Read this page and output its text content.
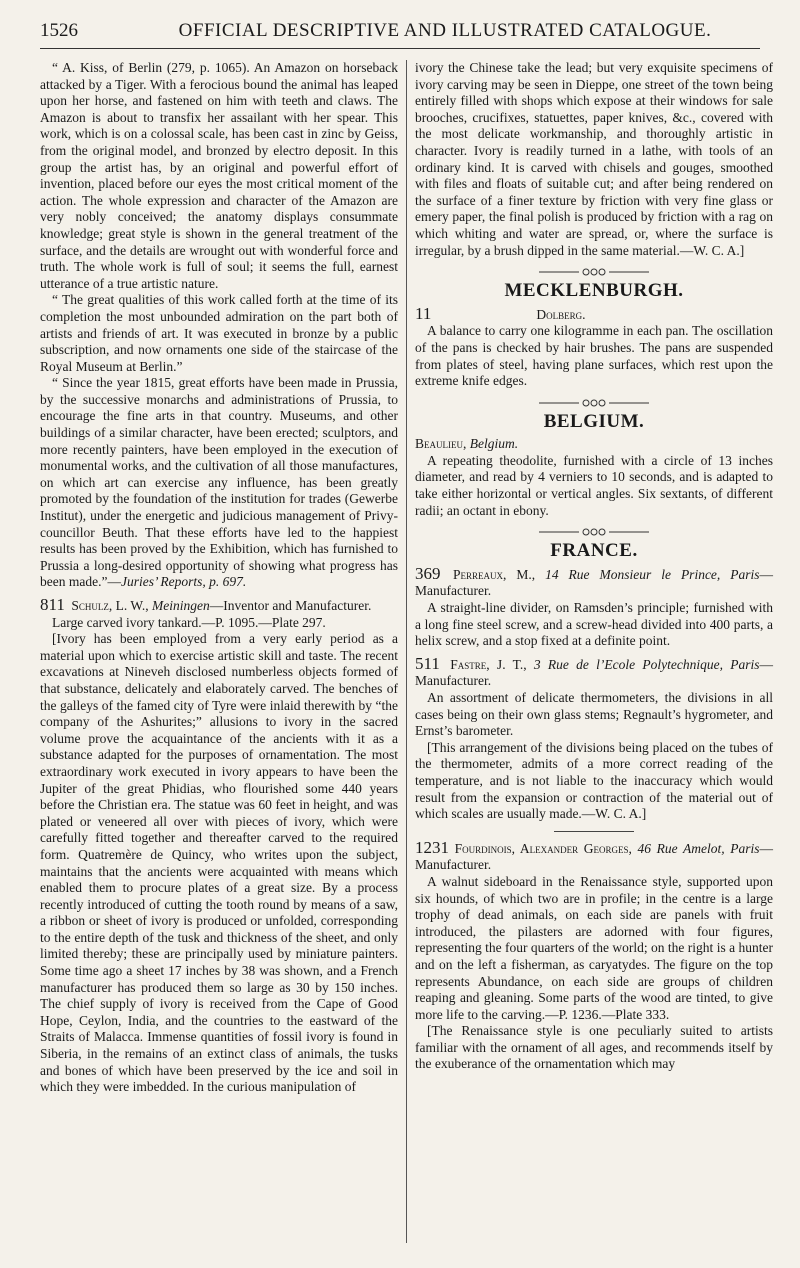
1526	OFFICIAL DESCRIPTIVE AND ILLUSTRATED CATALOGUE.

“ A. Kiss, of Berlin (279, p. 1065). An Amazon on horseback attacked by a Tiger. With a ferocious bound the animal has leaped upon her horse, and fastened on him with teeth and claws. The Amazon is about to transfix her assailant with her spear. This work, which is on a colossal scale, has been cast in zinc by Geiss, from the original model, and bronzed by electro deposit. In this group the artist has, by an original and powerful effort of invention, placed before our eyes the most critical moment of the action. The whole expression and character of the Amazon are very nobly conceived; the anatomy displays consummate knowledge; great style is shown in the general treatment of the surface, and the details are wrought out with wonderful force and truth. The whole work is full of soul; it seems the full, earnest utterance of a true artistic nature.

“ The great qualities of this work called forth at the time of its completion the most unbounded admiration on the part both of artists and friends of art. It was executed in bronze by a public subscription, and now ornaments one side of the staircase of the Royal Museum at Berlin.”

“ Since the year 1815, great efforts have been made in Prussia, by the successive monarchs and administrations of Prussia, to encourage the fine arts in that country. Museums, and other buildings of a similar character, have been erected; sculptors, and more recently painters, have been employed in the execution of monumental works, and the cultivation of all those manufactures, on which art can exercise any influence, has been greatly promoted by the foundation of the institution for trades (Gewerbe Institut), under the energetic and judicious management of Privy-councillor Beuth. That these efforts have led to the happiest results has been proved by the Exhibition, which has furnished to Prussia a long-desired opportunity of showing what progress has been made.”—Juries’ Reports, p. 697.

811 Schulz, L. W., Meiningen—Inventor and Manufacturer.

Large carved ivory tankard.—P. 1095.—Plate 297.

[Ivory has been employed from a very early period as a material upon which to exercise artistic skill and taste. The recent excavations at Nineveh disclosed numberless objects formed of that substance, delicately and elaborately carved. The benches of the galleys of the famed city of Tyre were inlaid therewith by “the company of the Ashurites;” allusions to ivory in the sacred volume prove the acquaintance of the ancients with it as a substance adapted for the purposes of ornamentation. The most extraordinary work executed in ivory appears to have been the Jupiter of the great Phidias, who flourished some 440 years before the Christian era. The statue was 60 feet in height, and was plated or veneered all over with pieces of ivory, which were carefully fitted together and thereafter carved to the required form. Quatremère de Quincy, who writes upon the subject, maintains that the ancients were acquainted with means which enabled them to procure plates of a great size. By a process recently introduced of cutting the tooth round by means of a saw, a ribbon or sheet of ivory is produced or unfolded, corresponding to the entire depth of the tusk and thickness of the sheet, and only limited thereby; these are principally used by miniature painters. Some time ago a sheet 17 inches by 38 was shown, and a French manufacturer has produced them so large as 30 by 150 inches. The chief supply of ivory is received from the Cape of Good Hope, Ceylon, India, and the countries to the eastward of the Straits of Malacca. Immense quantities of fossil ivory is found in Siberia, in the remains of an extinct class of animals, the tusks and bones of which have been preserved by the ice and soil in which they were imbedded. In the curious manipulation of

ivory the Chinese take the lead; but very exquisite specimens of ivory carving may be seen in Dieppe, one street of the town being entirely filled with shops which expose at their windows for sale brooches, crucifixes, statuettes, paper knives, &c., covered with the most delicate workmanship, and thoroughly artistic in character. Ivory is readily turned in a lathe, with tools of an ordinary kind. It is carved with chisels and gouges, smoothed with files and floats of suitable cut; and after being rendered on the surface of a finer texture by friction with very fine glass or emery paper, the final polish is produced by friction with a rag on which whiting and water are spread, or, where the surface is irregular, by a brush dipped in the same material.—W. C. A.]

MECKLENBURGH.

11	Dolberg.

A balance to carry one kilogramme in each pan. The oscillation of the pans is checked by hair brushes. The pans are suspended from plates of steel, having plane surfaces, which rest upon the extreme knife edges.

BELGIUM.

Beaulieu, Belgium.

A repeating theodolite, furnished with a circle of 13 inches diameter, and read by 4 verniers to 10 seconds, and is adapted to take either horizontal or vertical angles. Six sextants, of different radii; an octant in ebony.

FRANCE.

369 Perreaux, M., 14 Rue Monsieur le Prince, Paris— Manufacturer.

A straight-line divider, on Ramsden’s principle; furnished with a long fine steel screw, and a screw-head divided into 400 parts, a helix screw, and a stop fixed at a definite point.

511 Fastre, J. T., 3 Rue de l’Ecole Polytechnique, Paris—Manufacturer.

An assortment of delicate thermometers, the divisions in all cases being on their own glass stems; Regnault’s hygrometer, and Ernst’s barometer.

[This arrangement of the divisions being placed on the tubes of the thermometer, admits of a more correct reading of the temperature, and is not liable to the inaccuracy which would result from the expansion or contraction of the material out of which scales are usually made.—W. C. A.]

1231 Fourdinois, Alexander Georges, 46 Rue Amelot, Paris—Manufacturer.

A walnut sideboard in the Renaissance style, supported upon six hounds, of which two are in profile; in the centre is a large trophy of dead animals, on each side are panels with fruit introduced, the pilasters are adorned with four figures, representing the four quarters of the world; on the right is a hunter and on the left a fisherman, as caryatydes. The figure on the top represents Abundance, on each side are groups of children reaping and gleaning. Some parts of the wood are tinted, to give more life to the carving.—P. 1236.—Plate 333.

[The Renaissance style is one peculiarly suited to artists familiar with the ornament of all ages, and recommends itself by the exuberance of the ornamentation which may
